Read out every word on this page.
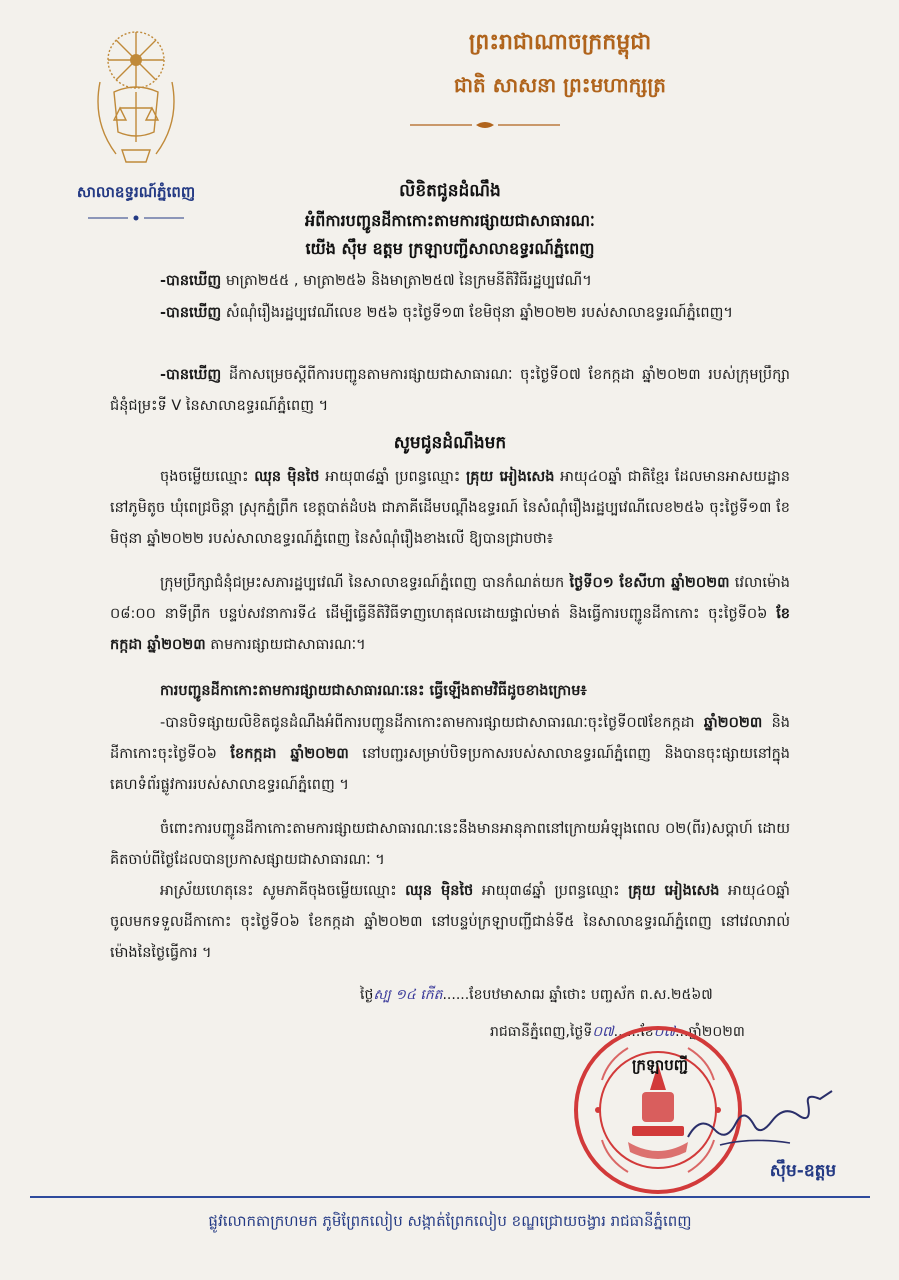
សាលាឧទ្ធរណ៍ភ្នំពេញ
ព្រះរាជាណាចក្រកម្ពុជា
ជាតិ សាសនា ព្រះមហាក្សត្រ
លិខិតជូនដំណឹង
អំពីការបញ្ជូនដីកាកោះតាមការផ្សាយជាសាធារណៈ
យើង ស៊ឹម ឧត្តម ក្រឡាបញ្ជីសាលាឧទ្ធរណ៍ភ្នំពេញ
-បានឃើញ មាត្រា២៥៥ , មាត្រា២៥៦ និងមាត្រា២៥៧ នៃក្រមនីតិវិធីរដ្ឋប្បវេណី។
-បានឃើញ សំណុំរឿងរដ្ឋប្បវេណីលេខ ២៥៦ ចុះថ្ងៃទី១៣ ខែមិថុនា ឆ្នាំ២០២២ របស់សាលាឧទ្ធរណ៍ភ្នំពេញ។
-បានឃើញ ដីកាសម្រេចស្តីពីការបញ្ជូនតាមការផ្សាយជាសាធារណៈ ចុះថ្ងៃទី០៧ ខែកក្កដា ឆ្នាំ២០២៣ របស់ក្រុមប្រឹក្សាជំនុំជម្រះទី V នៃសាលាឧទ្ធរណ៍ភ្នំពេញ ។
សូមជូនដំណឹងមក
ចុងចម្លើយឈ្មោះ ឈុន ម៉ិនថៃ អាយុ៣៨ឆ្នាំ ប្រពន្ធឈ្មោះ គ្រុយ អៀងសេង អាយុ៤០ឆ្នាំ ជាតិខ្មែរ ដែលមានអាសយដ្ឋាននៅភូមិតូច ឃុំពេជ្រចិន្តា ស្រុកភ្នំព្រឹក ខេត្តបាត់ដំបង ជាភាគីដើមបណ្តឹងឧទ្ធរណ៍ នៃសំណុំរឿងរដ្ឋប្បវេណីលេខ២៥៦ ចុះថ្ងៃទី១៣ ខែមិថុនា ឆ្នាំ២០២២ របស់សាលាឧទ្ធរណ៍ភ្នំពេញ នៃសំណុំរឿងខាងលើ ឱ្យបានជ្រាបថា៖
ក្រុមប្រឹក្សាជំនុំជម្រះសភារដ្ឋប្បវេណី នៃសាលាឧទ្ធរណ៍ភ្នំពេញ បានកំណត់យក ថ្ងៃទី០១ ខែសីហា ឆ្នាំ២០២៣ វេលាម៉ោង ០៨:០០ នាទីព្រឹក បន្ទប់សវនាការទី៤ ដើម្បីធ្វើនីតិវិធីទាញហេតុផលដោយផ្ទាល់មាត់ និងធ្វើការបញ្ជូនដីកាកោះ ចុះថ្ងៃទី០៦ ខែកក្កដា ឆ្នាំ២០២៣ តាមការផ្សាយជាសាធារណៈ។
ការបញ្ជូនដីកាកោះតាមការផ្សាយជាសាធារណៈនេះ ធ្វើឡើងតាមវិធីដូចខាងក្រោម៖
-បានបិទផ្សាយលិខិតជូនដំណឹងអំពីការបញ្ជូនដីកាកោះតាមការផ្សាយជាសាធារណៈចុះថ្ងៃទី០៧ខែកក្កដា ឆ្នាំ២០២៣ និងដីកាកោះចុះថ្ងៃទី០៦ ខែកក្កដា ឆ្នាំ២០២៣ នៅបញ្ជរសម្រាប់បិទប្រកាសរបស់សាលាឧទ្ធរណ៍ភ្នំពេញ និងបានចុះផ្សាយនៅក្នុងគេហទំព័រផ្លូវការរបស់សាលាឧទ្ធរណ៍ភ្នំពេញ ។
ចំពោះការបញ្ជូនដីកាកោះតាមការផ្សាយជាសាធារណៈនេះនឹងមានអានុភាពនៅក្រោយអំឡុងពេល ០២(ពីរ)សប្តាហ៍ ដោយគិតចាប់ពីថ្ងៃដែលបានប្រកាសផ្សាយជាសាធារណៈ ។
អាស្រ័យហេតុនេះ សូមភាគីចុងចម្លើយឈ្មោះ ឈុន ម៉ិនថៃ អាយុ៣៨ឆ្នាំ ប្រពន្ធឈ្មោះ គ្រុយ អៀងសេង អាយុ៤០ឆ្នាំ ចូលមកទទួលដីកាកោះ ចុះថ្ងៃទី០៦ ខែកក្កដា ឆ្នាំ២០២៣ នៅបន្ទប់ក្រឡាបញ្ជីជាន់ទី៥ នៃសាលាឧទ្ធរណ៍ភ្នំពេញ នៅវេលារាល់ម៉ោងនៃថ្ងៃធ្វើការ ។
ថ្ងៃស្ប ១៤ កើត......ខែបឋមាសាឍ ឆ្នាំថោះ បញ្ចស័ក ព.ស.២៥៦៧
រាជធានីភ្នំពេញ,ថ្ងៃទី០៧......ខែ០៧...ឆ្នាំ២០២៣
ក្រឡាបញ្ជី
ស៊ឹម-ឧត្តម
ផ្លូវលោកតាក្រហមក ភូមិព្រែកលៀប សង្កាត់ព្រែកលៀប ខណ្ឌជ្រោយចង្វារ រាជធានីភ្នំពេញ
